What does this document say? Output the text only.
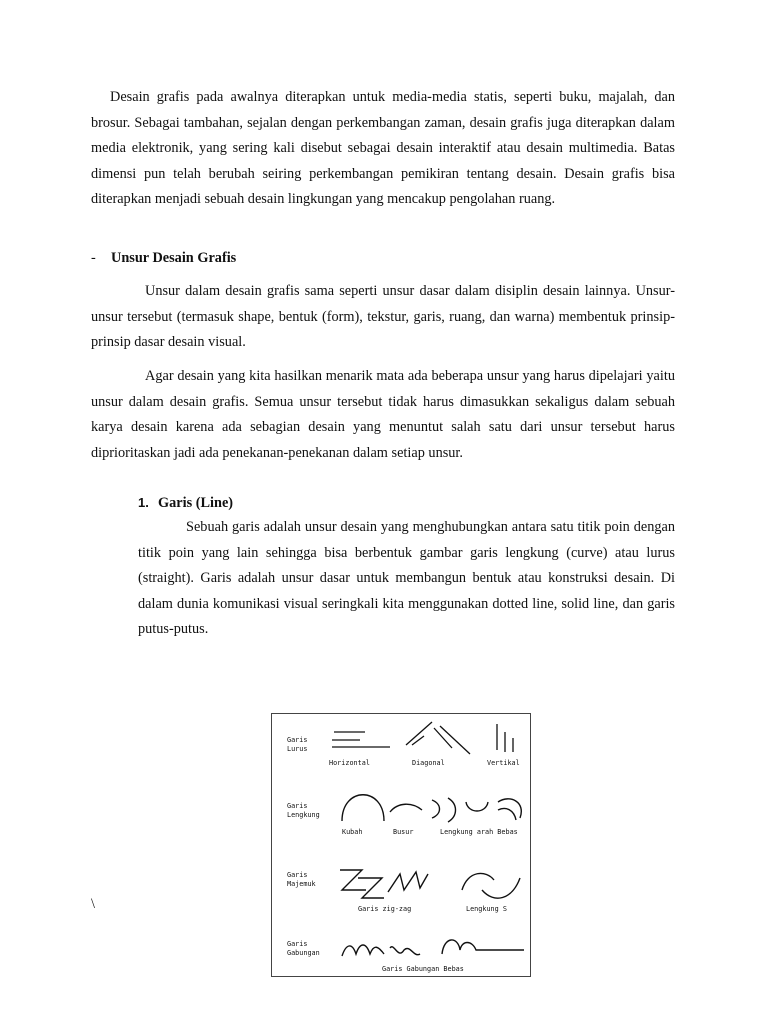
Desain grafis pada awalnya diterapkan untuk media-media statis, seperti buku, majalah, dan brosur. Sebagai tambahan, sejalan dengan perkembangan zaman, desain grafis juga diterapkan dalam media elektronik, yang sering kali disebut sebagai desain interaktif atau desain multimedia. Batas dimensi pun telah berubah seiring perkembangan pemikiran tentang desain. Desain grafis bisa diterapkan menjadi sebuah desain lingkungan yang mencakup pengolahan ruang.

- Unsur Desain Grafis

Unsur dalam desain grafis sama seperti unsur dasar dalam disiplin desain lainnya. Unsur-unsur tersebut (termasuk shape, bentuk (form), tekstur, garis, ruang, dan warna) membentuk prinsip-prinsip dasar desain visual.

Agar desain yang kita hasilkan menarik mata ada beberapa unsur yang harus dipelajari yaitu unsur dalam desain grafis. Semua unsur tersebut tidak harus dimasukkan sekaligus dalam sebuah karya desain karena ada sebagian desain yang menuntut salah satu dari unsur tersebut harus diprioritaskan jadi ada penekanan-penekanan dalam setiap unsur.

1. Garis (Line)

Sebuah garis adalah unsur desain yang menghubungkan antara satu titik poin dengan titik poin yang lain sehingga bisa berbentuk gambar garis lengkung (curve) atau lurus (straight). Garis adalah unsur dasar untuk membangun bentuk atau konstruksi desain. Di dalam dunia komunikasi visual seringkali kita menggunakan dotted line, solid line, dan garis putus-putus.

\

Garis
Lurus
Horizontal	Diagonal	Vertikal
Garis
Lengkung
Kubah	Busur	Lengkung arah Bebas
Garis
Majemuk
Garis zig-zag	Lengkung S
Garis
Gabungan
Garis Gabungan Bebas
